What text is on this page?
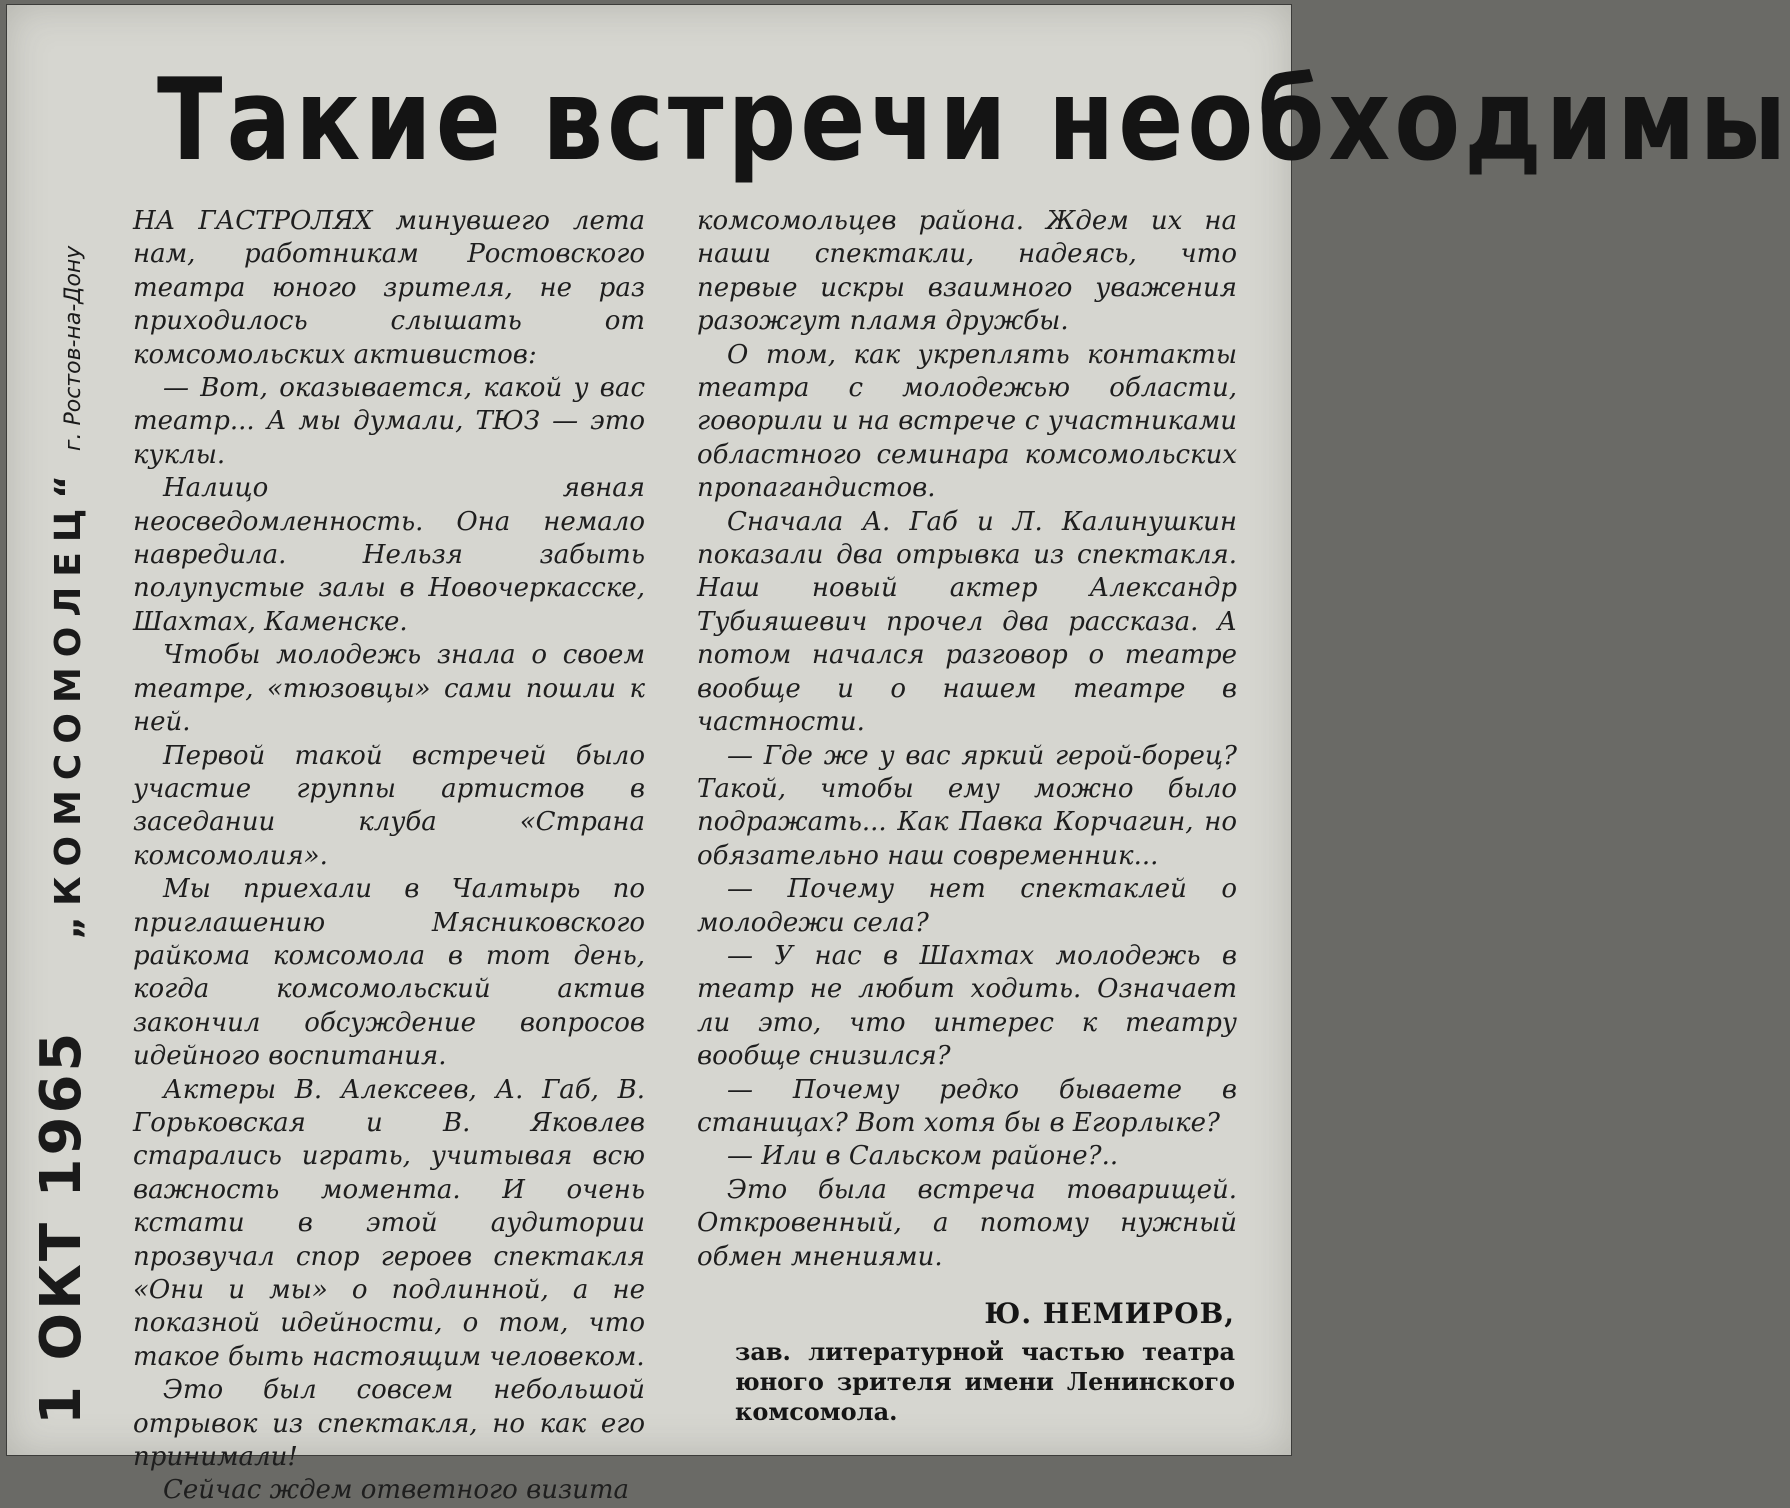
1 ОКТ 1965„КОМСОМОЛЕЦ“г. Ростов-на-Дону
Такие встречи необходимы

НА ГАСТРОЛЯХ минувшего лета нам, работникам Ростовского театра юного зрителя, не раз приходилось слышать от комсомольских активистов:

— Вот, оказывается, какой у вас театр... А мы думали, ТЮЗ — это куклы.

Налицо явная неосведомленность. Она немало навредила. Нельзя забыть полупустые залы в Новочеркасске, Шахтах, Каменске.

Чтобы молодежь знала о своем театре, «тюзовцы» сами пошли к ней.

Первой такой встречей было участие группы артистов в заседании клуба «Страна комсомолия».

Мы приехали в Чалтырь по приглашению Мясниковского райкома комсомола в тот день, когда комсомольский актив закончил обсуждение вопросов идейного воспитания.

Актеры В. Алексеев, А. Габ, В. Горьковская и В. Яковлев старались играть, учитывая всю важность момента. И очень кстати в этой аудитории прозвучал спор героев спектакля «Они и мы» о подлинной, а не показной идейности, о том, что такое быть настоящим человеком.

Это был совсем небольшой отрывок из спектакля, но как его принимали!

Сейчас ждем ответного визита

комсомольцев района. Ждем их на наши спектакли, надеясь, что первые искры взаимного уважения разожгут пламя дружбы.

О том, как укреплять контакты театра с молодежью области, говорили и на встрече с участниками областного семинара комсомольских пропагандистов.

Сначала А. Габ и Л. Калинушкин показали два отрывка из спектакля. Наш новый актер Александр Тубияшевич прочел два рассказа. А потом начался разговор о театре вообще и о нашем театре в частности.

— Где же у вас яркий герой-борец? Такой, чтобы ему можно было подражать... Как Павка Корчагин, но обязательно наш современник...

— Почему нет спектаклей о молодежи села?

— У нас в Шахтах молодежь в театр не любит ходить. Означает ли это, что интерес к театру вообще снизился?

— Почему редко бываете в станицах? Вот хотя бы в Егорлыке?

— Или в Сальском районе?..

Это была встреча товарищей. Откровенный, а потому нужный обмен мнениями.

Ю. НЕМИРОВ,
зав. литературной частью театра юного зрителя имени Ленинского комсомола.
